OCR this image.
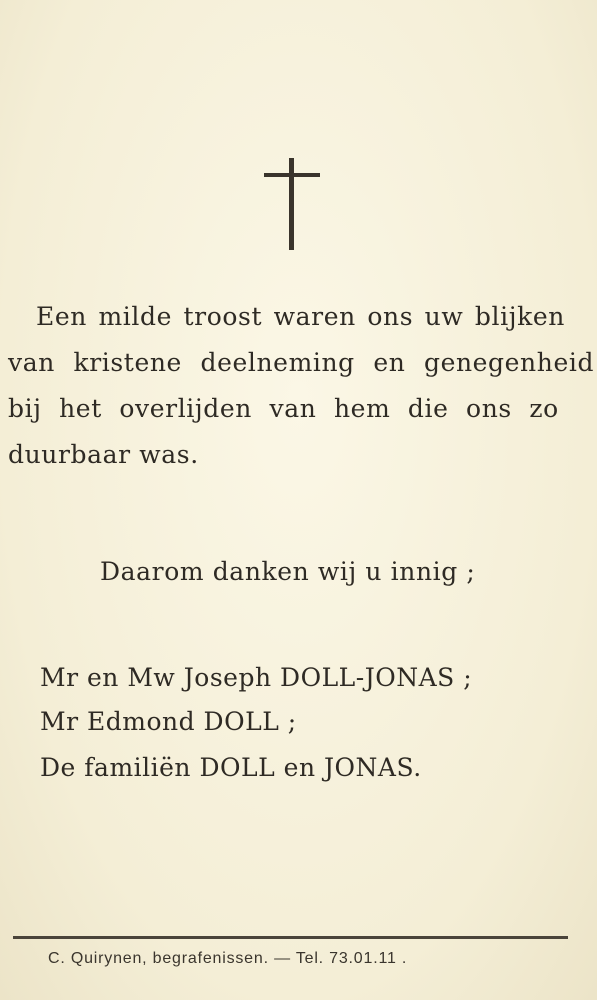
Een milde troost waren ons uw blijken
van kristene deelneming en genegenheid
bij het overlijden van hem die ons zo
duurbaar was.
Daarom danken wij u innig ;
Mr en Mw Joseph DOLL-JONAS ;
Mr Edmond DOLL ;
De familiën DOLL en JONAS.
C. Quirynen, begrafenissen. — Tel. 73.01.11 .
